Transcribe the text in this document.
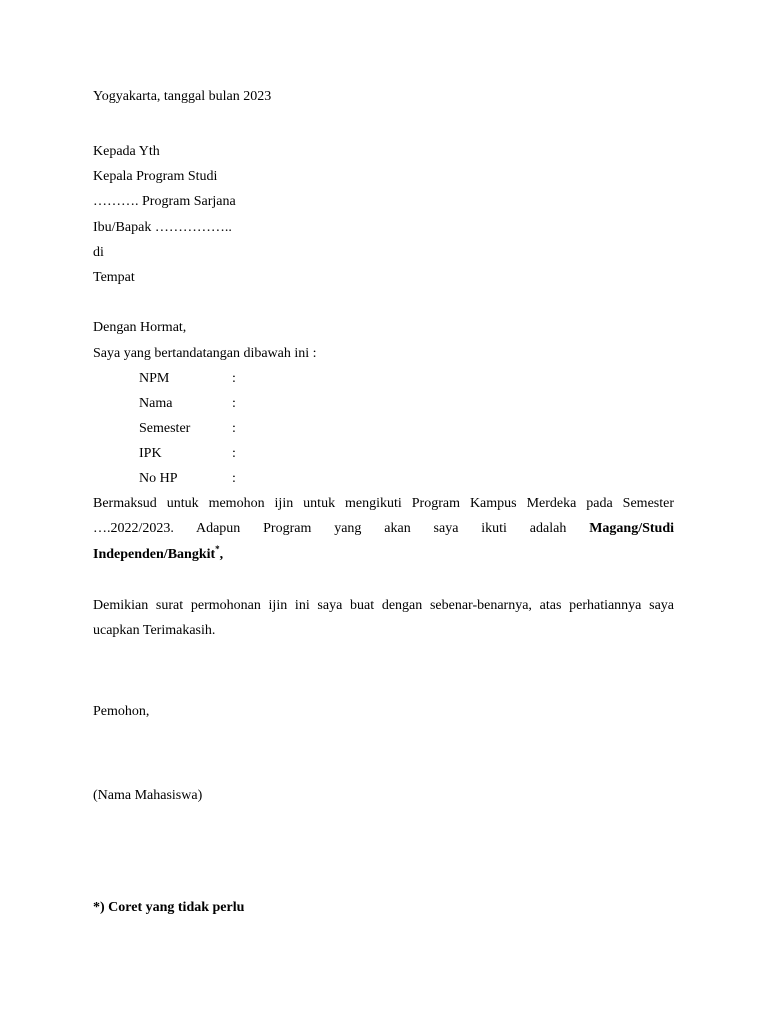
Yogyakarta, tanggal bulan 2023
Kepada Yth
Kepala Program Studi
………. Program Sarjana
Ibu/Bapak ……………..
di
Tempat
Dengan Hormat,
Saya yang bertandatangan dibawah ini :
NPM	:
Nama	:
Semester	:
IPK	:
No HP	:
Bermaksud untuk memohon ijin untuk mengikuti Program Kampus Merdeka pada Semester
….2022/2023. Adapun Program yang akan saya ikuti adalah Magang/Studi
Independen/Bangkit*,
Demikian surat permohonan ijin ini saya buat dengan sebenar-benarnya, atas perhatiannya saya
ucapkan Terimakasih.
Pemohon,
(Nama Mahasiswa)
*) Coret yang tidak perlu
